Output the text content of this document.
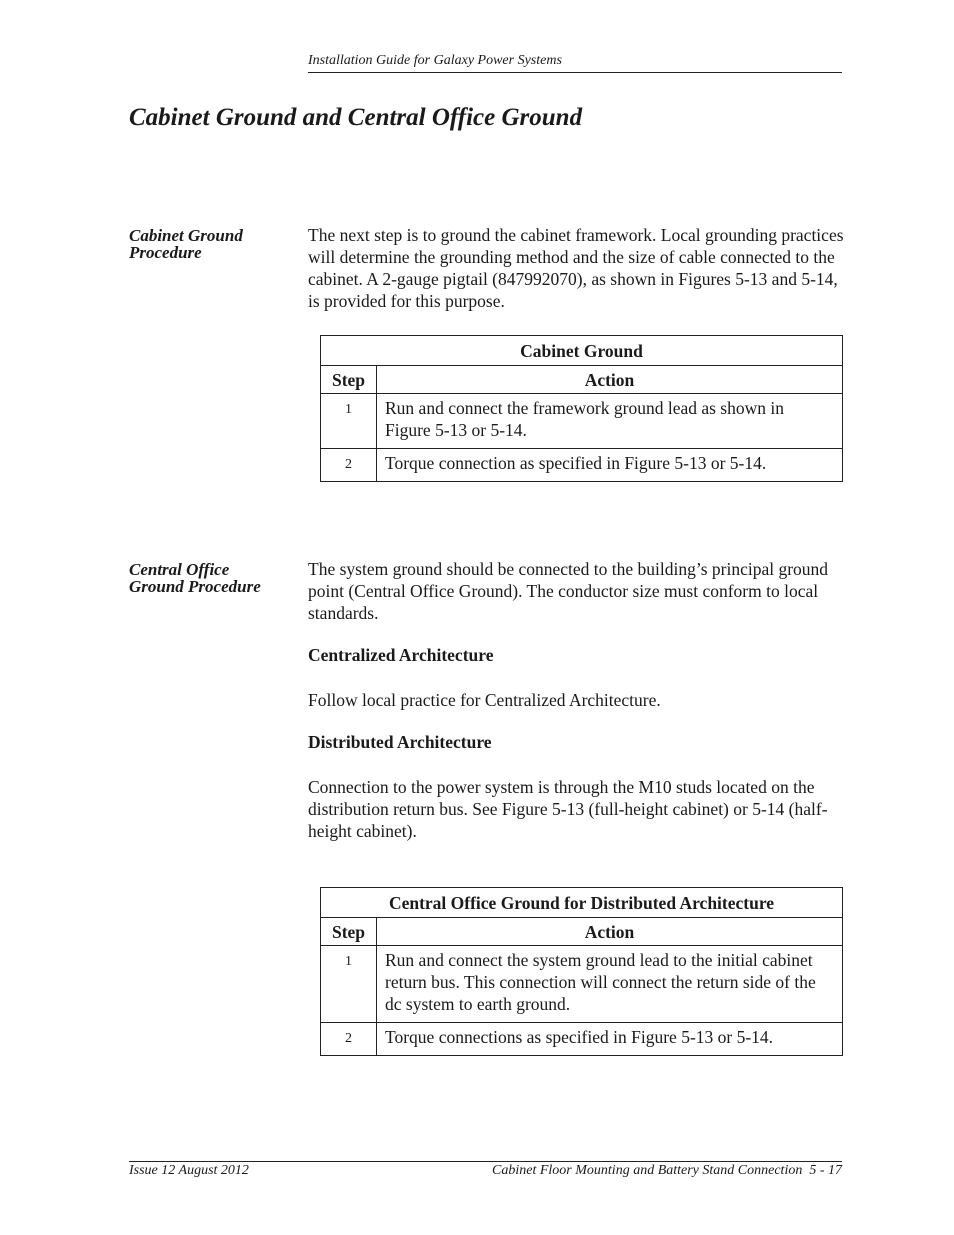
Installation Guide for Galaxy Power Systems
Cabinet Ground and Central Office Ground
Cabinet Ground
Procedure
The next step is to ground the cabinet framework. Local grounding practices will determine the grounding method and the size of cable connected to the cabinet. A 2-gauge pigtail (847992070), as shown in Figures 5-13 and 5-14, is provided for this purpose.
Cabinet Ground	
Step	Action
1	Run and connect the framework ground lead as shown in Figure 5-13 or 5-14.
2	Torque connection as specified in Figure 5-13 or 5-14.
Central Office
Ground Procedure
The system ground should be connected to the building’s principal ground point (Central Office Ground). The conductor size must conform to local standards.
Centralized Architecture
Follow local practice for Centralized Architecture.
Distributed Architecture
Connection to the power system is through the M10 studs located on the distribution return bus. See Figure 5-13 (full-height cabinet) or 5-14 (half-height cabinet).
Central Office Ground for Distributed Architecture	
Step	Action
1	Run and connect the system ground lead to the initial cabinet return bus. This connection will connect the return side of the dc system to earth ground.
2	Torque connections as specified in Figure 5-13 or 5-14.
Issue 12 August 2012	Cabinet Floor Mounting and Battery Stand Connection  5 - 17
